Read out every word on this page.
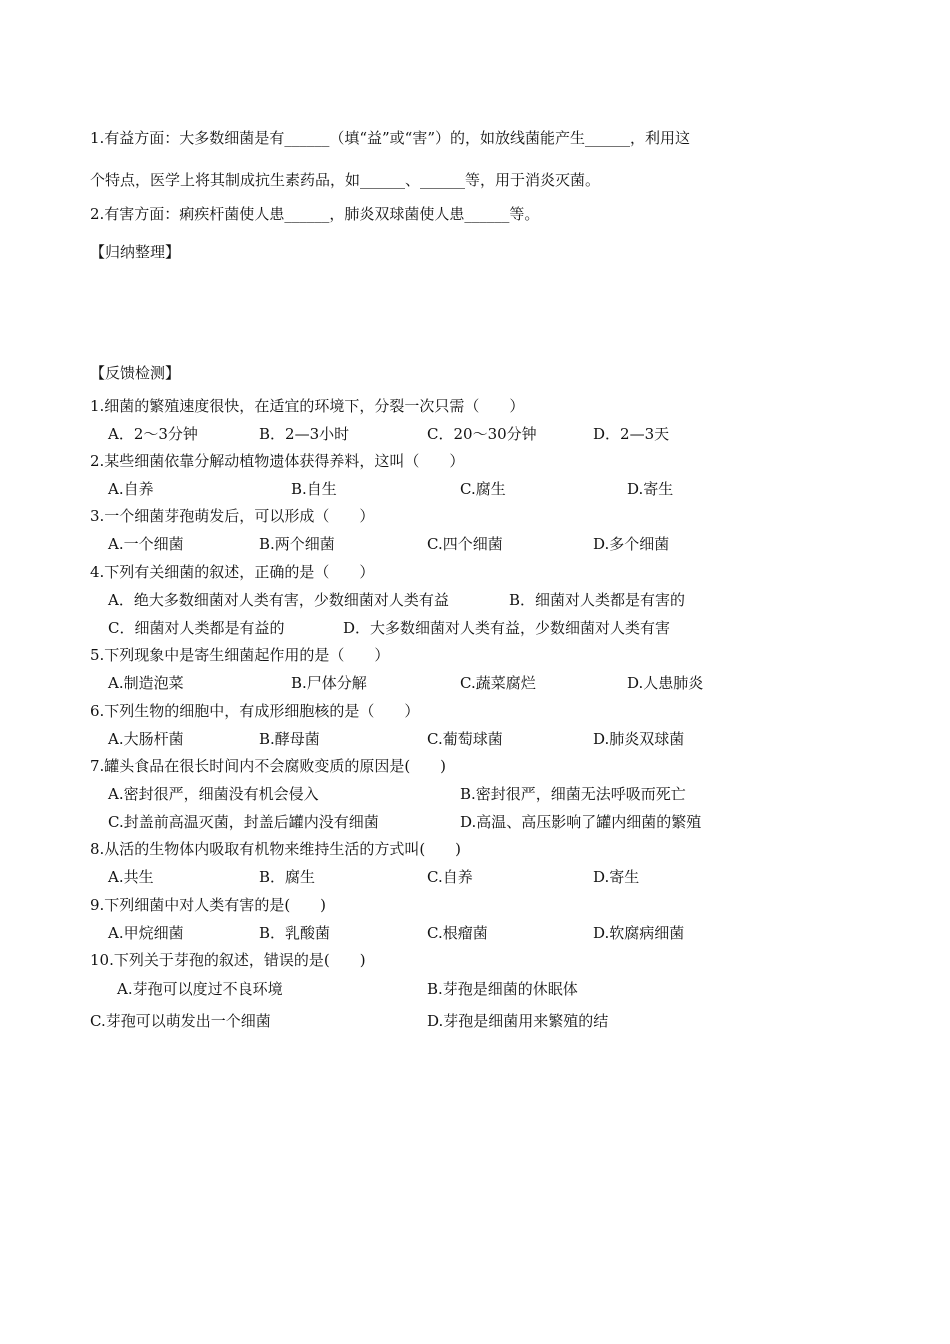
1.有益方面：大多数细菌是有______（填“益”或“害”）的，如放线菌能产生______，利用这
个特点，医学上将其制成抗生素药品，如______、______等，用于消炎灭菌。
2.有害方面：痢疾杆菌使人患______，肺炎双球菌使人患______等。
【归纳整理】
【反馈检测】
1.细菌的繁殖速度很快，在适宜的环境下，分裂一次只需（　　）
A．2～3分钟	B．2—3小时	C．20～30分钟	D．2—3天
2.某些细菌依靠分解动植物遗体获得养料，这叫（　　）
A.自养	B.自生	C.腐生	D.寄生
3.一个细菌芽孢萌发后，可以形成（　　）
A.一个细菌	B.两个细菌	C.四个细菌	D.多个细菌
4.下列有关细菌的叙述，正确的是（　　）
A．绝大多数细菌对人类有害，少数细菌对人类有益	B．细菌对人类都是有害的
C．细菌对人类都是有益的	D．大多数细菌对人类有益，少数细菌对人类有害
5.下列现象中是寄生细菌起作用的是（　　）
A.制造泡菜	B.尸体分解	C.蔬菜腐烂	D.人患肺炎
6.下列生物的细胞中，有成形细胞核的是（　　）
A.大肠杆菌	B.酵母菌	C.葡萄球菌	D.肺炎双球菌
7.罐头食品在很长时间内不会腐败变质的原因是(　　)
A.密封很严，细菌没有机会侵入	B.密封很严，细菌无法呼吸而死亡
C.封盖前高温灭菌，封盖后罐内没有细菌	D.高温、高压影响了罐内细菌的繁殖
8.从活的生物体内吸取有机物来维持生活的方式叫(　　)
A.共生	B．腐生	C.自养	D.寄生
9.下列细菌中对人类有害的是(　　)
A.甲烷细菌	B．乳酸菌	C.根瘤菌	D.软腐病细菌
10.下列关于芽孢的叙述，错误的是(　　)
A.芽孢可以度过不良环境	B.芽孢是细菌的休眠体
C.芽孢可以萌发出一个细菌	D.芽孢是细菌用来繁殖的结
